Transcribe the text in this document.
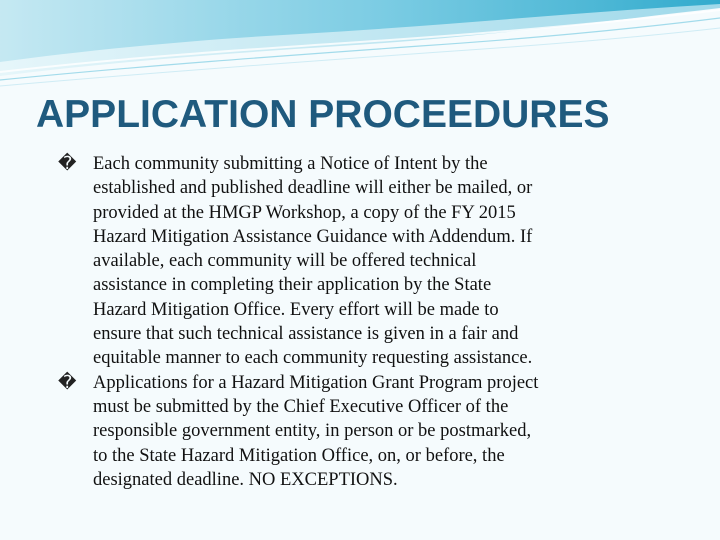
APPLICATION PROCEEDURES
� Each community submitting a Notice of Intent by the
established and published deadline will either be mailed, or
provided at the HMGP Workshop, a copy of the FY 2015
Hazard Mitigation Assistance Guidance with Addendum. If
available, each community will be offered technical
assistance in completing their application by the State
Hazard Mitigation Office. Every effort will be made to
ensure that such technical assistance is given in a fair and
equitable manner to each community requesting assistance.
� Applications for a Hazard Mitigation Grant Program project
must be submitted by the Chief Executive Officer of the
responsible government entity, in person or be postmarked,
to the State Hazard Mitigation Office, on, or before, the
designated deadline. NO EXCEPTIONS.
